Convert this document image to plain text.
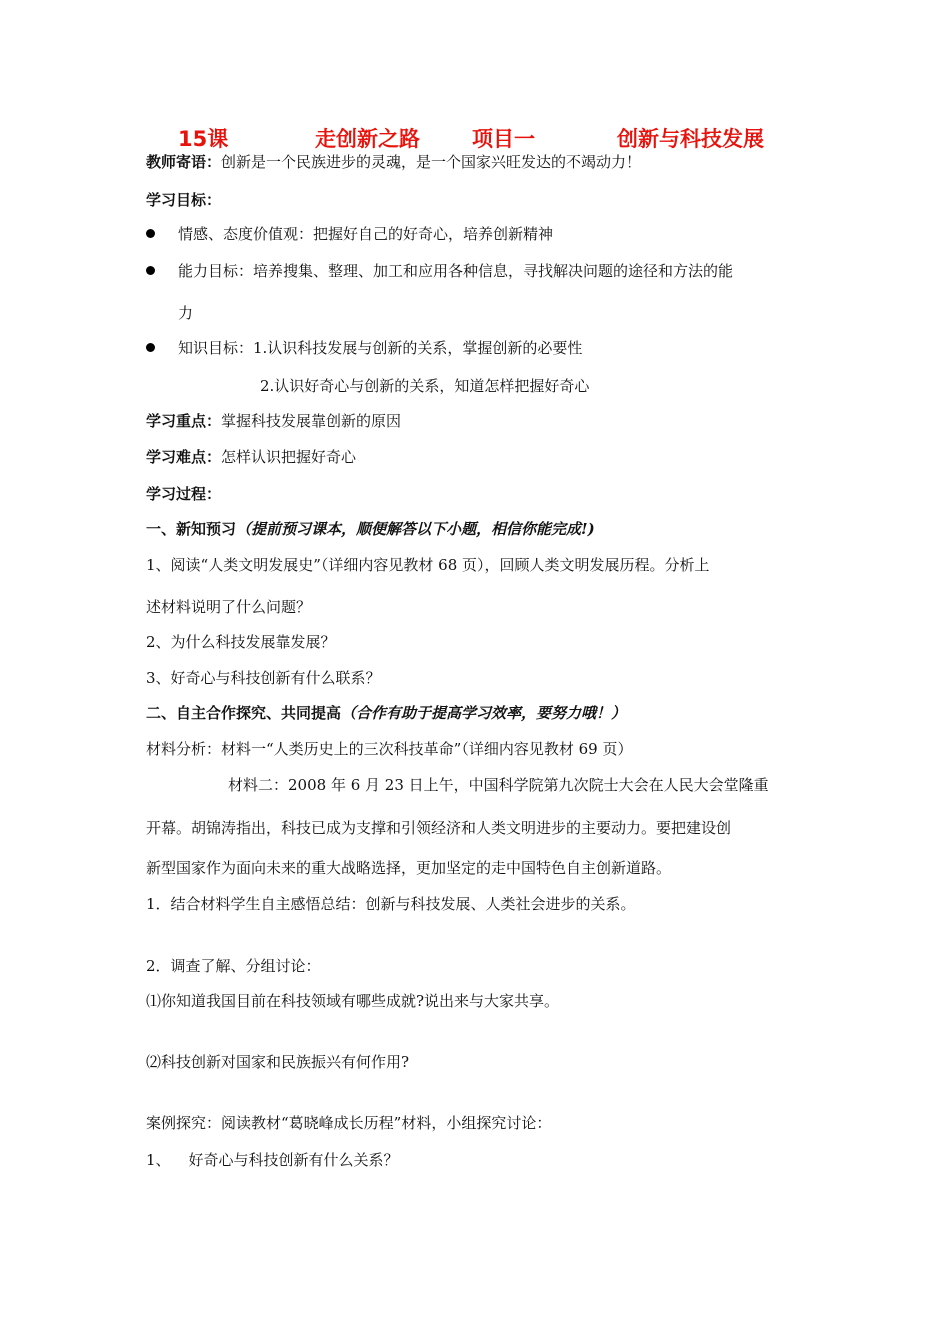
15课	走创新之路 项目一	创新与科技发展
教师寄语：创新是一个民族进步的灵魂，是一个国家兴旺发达的不竭动力！
学习目标：
情感、态度价值观：把握好自己的好奇心，培养创新精神
能力目标：培养搜集、整理、加工和应用各种信息，寻找解决问题的途径和方法的能
力
知识目标：1.认识科技发展与创新的关系，掌握创新的必要性
2.认识好奇心与创新的关系，知道怎样把握好奇心
学习重点：掌握科技发展靠创新的原因
学习难点：怎样认识把握好奇心
学习过程：
一、新知预习（提前预习课本，顺便解答以下小题，相信你能完成!)
1、阅读“人类文明发展史”（详细内容见教材 68 页），回顾人类文明发展历程。分析上
述材料说明了什么问题？
2、为什么科技发展靠发展？
3、好奇心与科技创新有什么联系？
二、自主合作探究、共同提高（合作有助于提高学习效率，要努力哦！）
材料分析：材料一“人类历史上的三次科技革命”（详细内容见教材 69 页）
材料二：2008 年 6 月 23 日上午，中国科学院第九次院士大会在人民大会堂隆重
开幕。胡锦涛指出，科技已成为支撑和引领经济和人类文明进步的主要动力。要把建设创
新型国家作为面向未来的重大战略选择，更加坚定的走中国特色自主创新道路。
1．结合材料学生自主感悟总结：创新与科技发展、人类社会进步的关系。
2．调查了解、分组讨论：
⑴你知道我国目前在科技领域有哪些成就?说出来与大家共享。
⑵科技创新对国家和民族振兴有何作用?
案例探究：阅读教材“葛晓峰成长历程”材料，小组探究讨论：
1、 好奇心与科技创新有什么关系？
